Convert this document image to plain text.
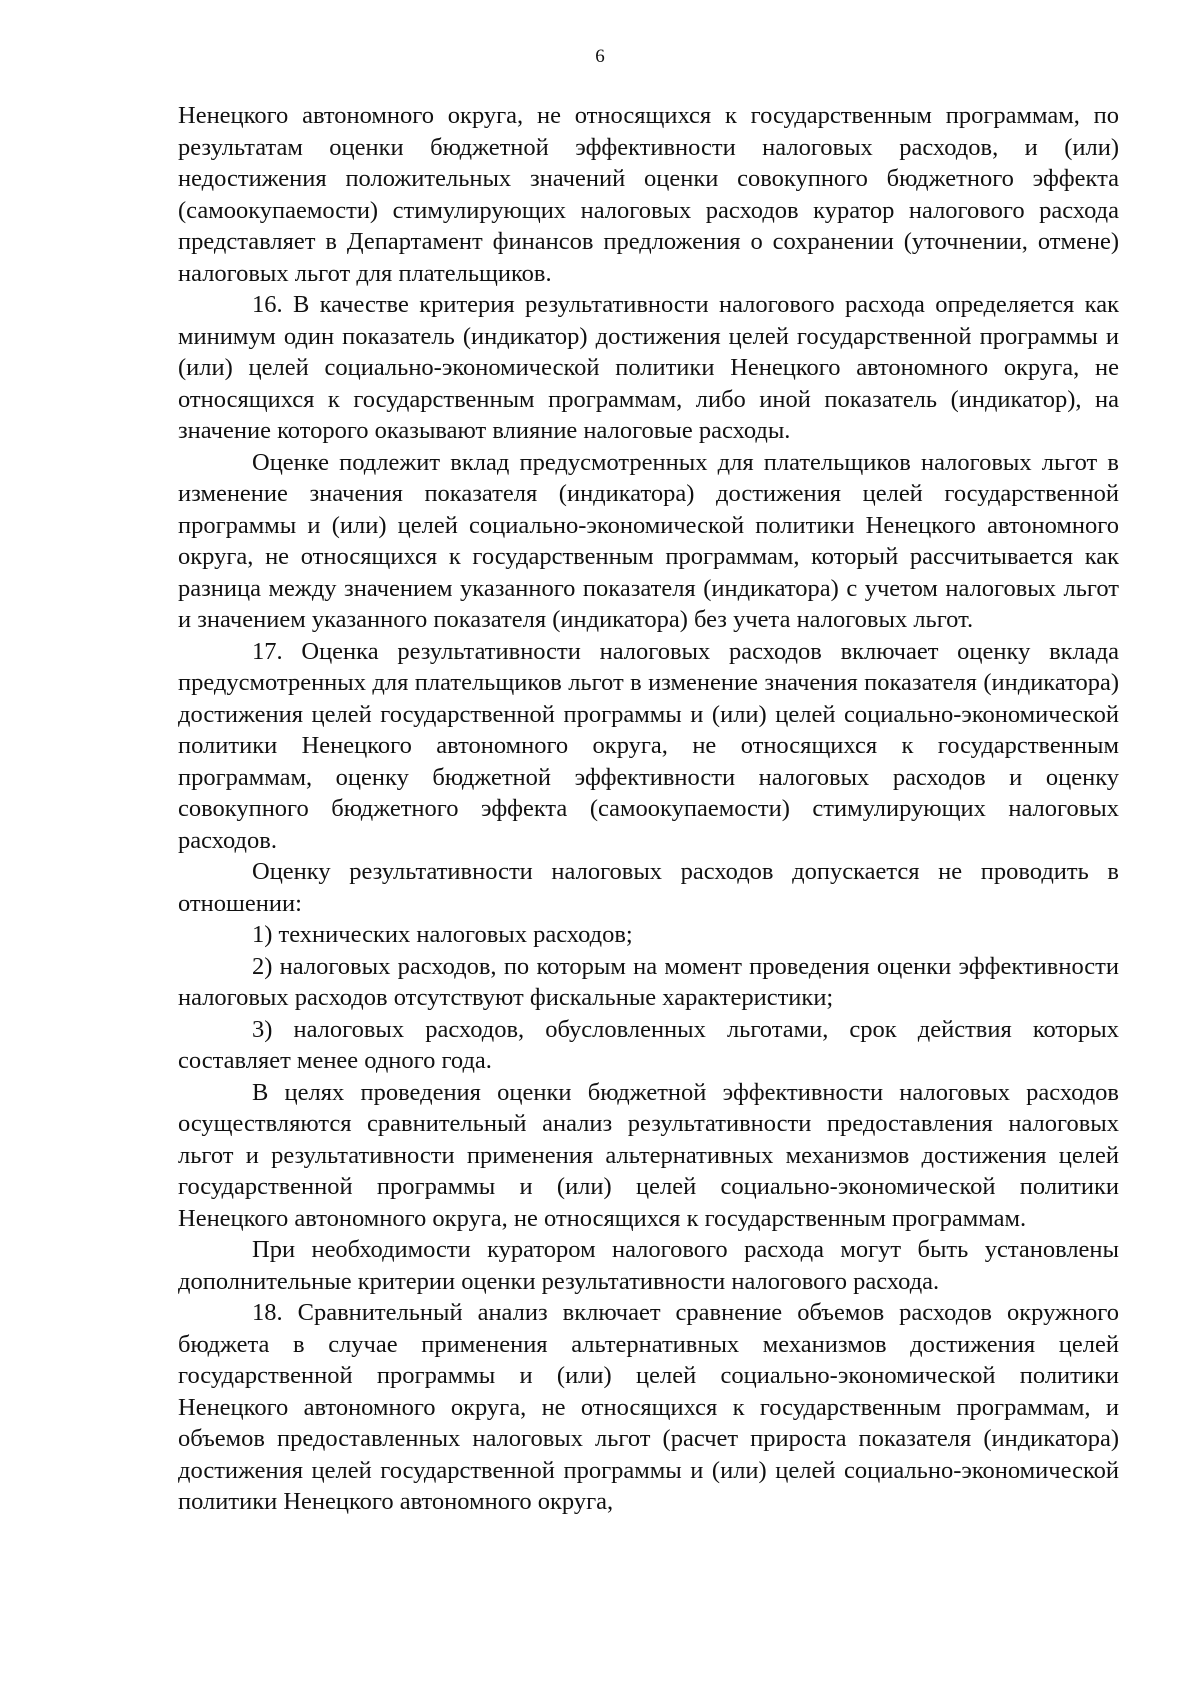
6

Ненецкого автономного округа, не относящихся к государственным программам, по результатам оценки бюджетной эффективности налоговых расходов, и (или) недостижения положительных значений оценки совокупного бюджетного эффекта (самоокупаемости) стимулирующих налоговых расходов куратор налогового расхода представляет в Департамент финансов предложения о сохранении (уточнении, отмене) налоговых льгот для плательщиков.

16. В качестве критерия результативности налогового расхода определяется как минимум один показатель (индикатор) достижения целей государственной программы и (или) целей социально-экономической политики Ненецкого автономного округа, не относящихся к государственным программам, либо иной показатель (индикатор), на значение которого оказывают влияние налоговые расходы.

Оценке подлежит вклад предусмотренных для плательщиков налоговых льгот в изменение значения показателя (индикатора) достижения целей государственной программы и (или) целей социально-экономической политики Ненецкого автономного округа, не относящихся к государственным программам, который рассчитывается как разница между значением указанного показателя (индикатора) с учетом налоговых льгот и значением указанного показателя (индикатора) без учета налоговых льгот.

17. Оценка результативности налоговых расходов включает оценку вклада предусмотренных для плательщиков льгот в изменение значения показателя (индикатора) достижения целей государственной программы и (или) целей социально-экономической политики Ненецкого автономного округа, не относящихся к государственным программам, оценку бюджетной эффективности налоговых расходов и оценку совокупного бюджетного эффекта (самоокупаемости) стимулирующих налоговых расходов.

Оценку результативности налоговых расходов допускается не проводить в отношении:

1) технических налоговых расходов;

2) налоговых расходов, по которым на момент проведения оценки эффективности налоговых расходов отсутствуют фискальные характеристики;

3) налоговых расходов, обусловленных льготами, срок действия которых составляет менее одного года.

В целях проведения оценки бюджетной эффективности налоговых расходов осуществляются сравнительный анализ результативности предоставления налоговых льгот и результативности применения альтернативных механизмов достижения целей государственной программы и (или) целей социально-экономической политики Ненецкого автономного округа, не относящихся к государственным программам.

При необходимости куратором налогового расхода могут быть установлены дополнительные критерии оценки результативности налогового расхода.

18. Сравнительный анализ включает сравнение объемов расходов окружного бюджета в случае применения альтернативных механизмов достижения целей государственной программы и (или) целей социально-экономической политики Ненецкого автономного округа, не относящихся к государственным программам, и объемов предоставленных налоговых льгот (расчет прироста показателя (индикатора) достижения целей государственной программы и (или) целей социально-экономической политики Ненецкого автономного округа,
